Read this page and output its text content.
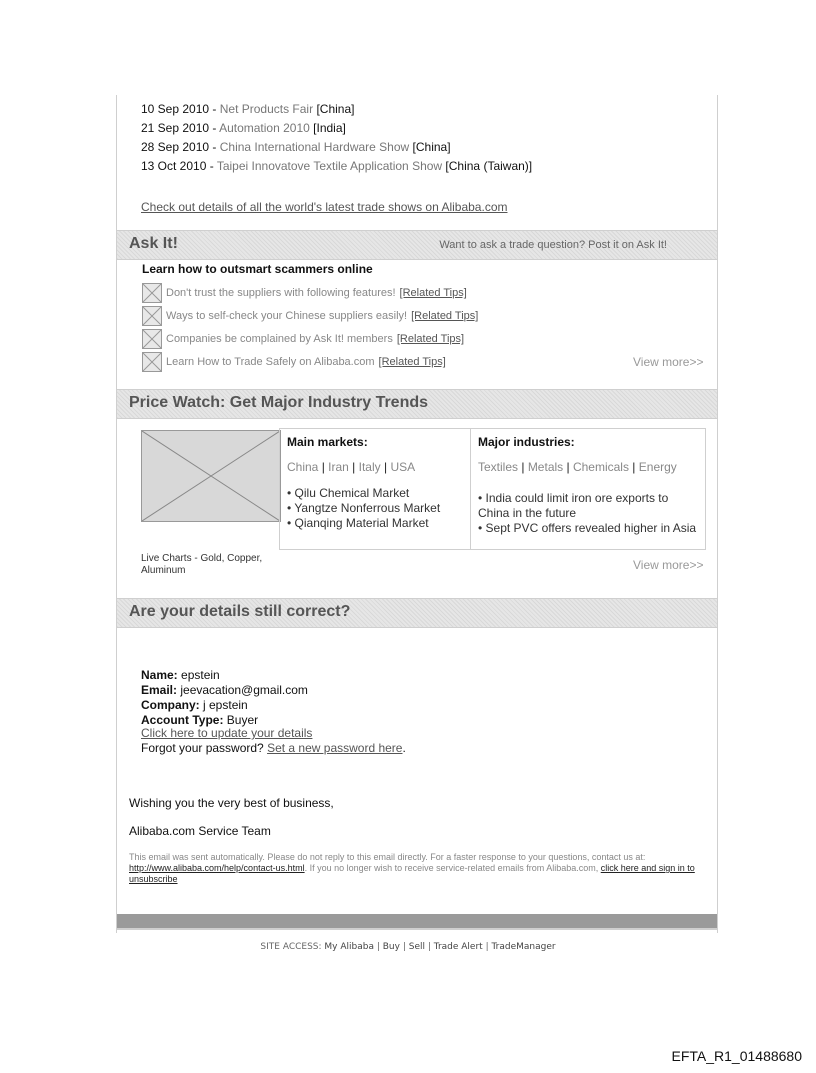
10 Sep 2010 - Net Products Fair [China]
21 Sep 2010 - Automation 2010 [India]
28 Sep 2010 - China International Hardware Show [China]
13 Oct 2010 - Taipei Innovatove Textile Application Show [China (Taiwan)]
Check out details of all the world's latest trade shows on Alibaba.com
Ask It!	Want to ask a trade question? Post it on Ask It!
Learn how to outsmart scammers online
Don't trust the suppliers with following features! [Related Tips]
Ways to self-check your Chinese suppliers easily! [Related Tips]
Companies be complained by Ask It! members [Related Tips]
Learn How to Trade Safely on Alibaba.com [Related Tips]	View more>>
Price Watch: Get Major Industry Trends
Main markets:
China | Iran | Italy | USA
• Qilu Chemical Market
• Yangtze Nonferrous Market
• Qianqing Material Market
Major industries:
Textiles | Metals | Chemicals | Energy
• India could limit iron ore exports to China in the future
• Sept PVC offers revealed higher in Asia
Live Charts - Gold, Copper, Aluminum	View more>>
Are your details still correct?
Name: epstein
Email: jeevacation@gmail.com
Company: j epstein
Account Type: Buyer
Click here to update your details
Forgot your password? Set a new password here.
Wishing you the very best of business,
Alibaba.com Service Team
This email was sent automatically. Please do not reply to this email directly. For a faster response to your questions, contact us at: http://www.alibaba.com/help/contact-us.html. If you no longer wish to receive service-related emails from Alibaba.com, click here and sign in to unsubscribe
SITE ACCESS: My Alibaba | Buy | Sell | Trade Alert | TradeManager
EFTA_R1_01488680
